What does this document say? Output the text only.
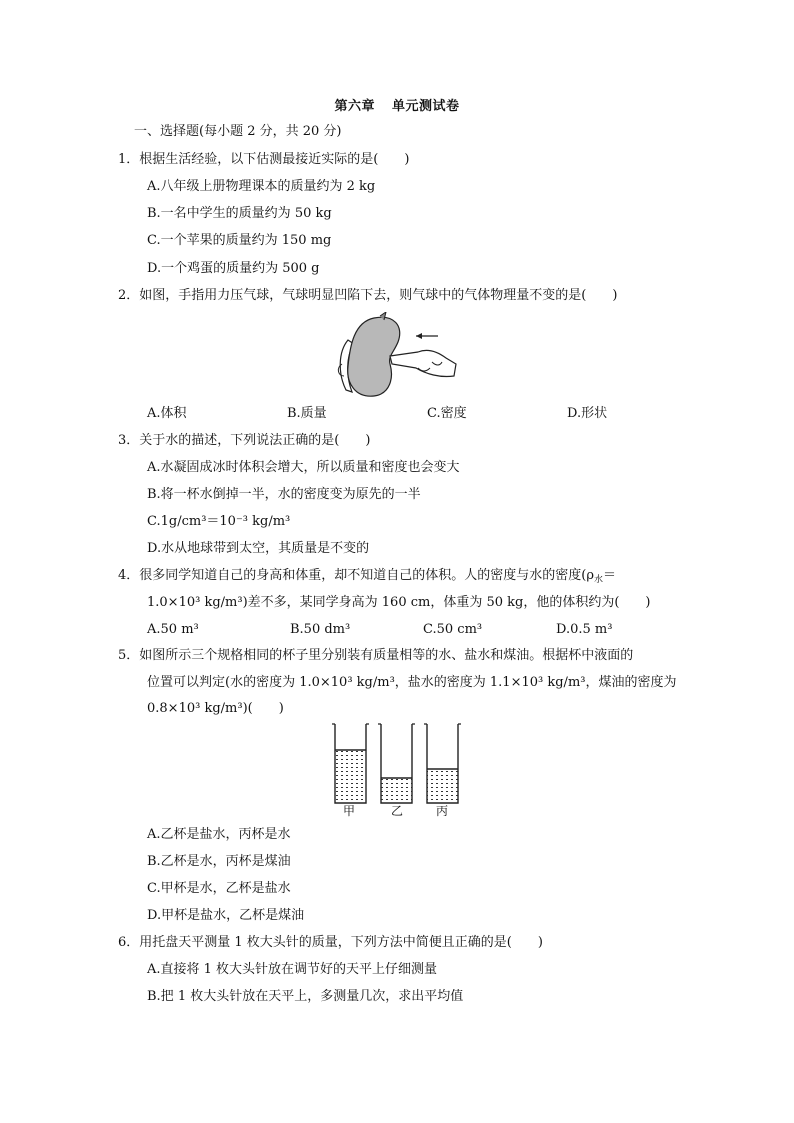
第六章 单元测试卷
一、选择题(每小题 2 分，共 20 分)
1．根据生活经验，以下估测最接近实际的是(　　)
A.八年级上册物理课本的质量约为 2 kg
B.一名中学生的质量约为 50 kg
C.一个苹果的质量约为 150 mg
D.一个鸡蛋的质量约为 500 g
2．如图，手指用力压气球，气球明显凹陷下去，则气球中的气体物理量不变的是(　　)
A.体积	B.质量	C.密度	D.形状
3．关于水的描述，下列说法正确的是(　　)
A.水凝固成冰时体积会增大，所以质量和密度也会变大
B.将一杯水倒掉一半，水的密度变为原先的一半
C.1g/cm³＝10⁻³ kg/m³
D.水从地球带到太空，其质量是不变的
4．很多同学知道自己的身高和体重，却不知道自己的体积。人的密度与水的密度($\rho_水=$
1.0×10³ kg/m³)差不多，某同学身高为 160 cm，体重为 50 kg，他的体积约为(　　)
A.50 m³	B.50 dm³	C.50 cm³	D.0.5 m³
5．如图所示三个规格相同的杯子里分别装有质量相等的水、盐水和煤油。根据杯中液面的
位置可以判定(水的密度为 1.0×10³ kg/m³，盐水的密度为 1.1×10³ kg/m³，煤油的密度为
0.8×10³ kg/m³)(　　)
甲	乙	丙
A.乙杯是盐水，丙杯是水
B.乙杯是水，丙杯是煤油
C.甲杯是水，乙杯是盐水
D.甲杯是盐水，乙杯是煤油
6．用托盘天平测量 1 枚大头针的质量，下列方法中简便且正确的是(　　)
A.直接将 1 枚大头针放在调节好的天平上仔细测量
B.把 1 枚大头针放在天平上，多测量几次，求出平均值
